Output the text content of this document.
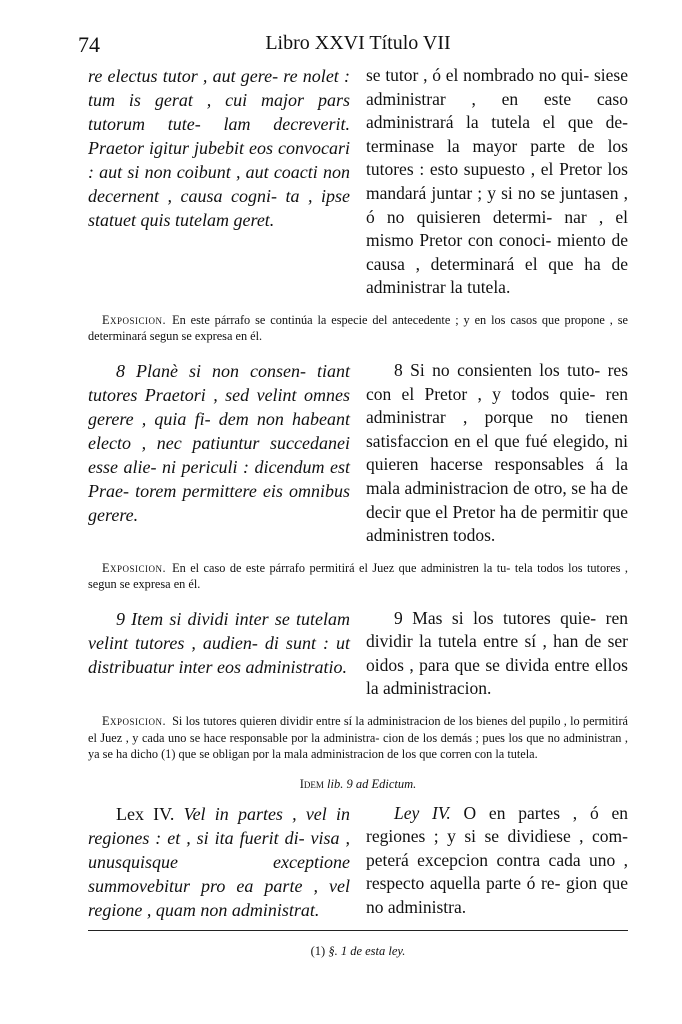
74	Libro XXVI Título VII

re electus tutor , aut gere- re nolet : tum is gerat , cui major pars tutorum tute- lam decreverit. Praetor igitur jubebit eos convocari : aut si non coibunt , aut coacti non decernent , causa cogni- ta , ipse statuet quis tutelam geret.

se tutor , ó el nombrado no qui- siese administrar , en este caso administrará la tutela el que de- terminase la mayor parte de los tutores : esto supuesto , el Pretor los mandará juntar ; y si no se juntasen , ó no quisieren determi- nar , el mismo Pretor con conoci- miento de causa , determinará el que ha de administrar la tutela.

Exposicion. En este párrafo se continúa la especie del antecedente ; y en los casos que propone , se determinará segun se expresa en él.

8 Planè si non consen- tiant tutores Praetori , sed velint omnes gerere , quia fi- dem non habeant electo , nec patiuntur succedanei esse alie- ni periculi : dicendum est Prae- torem permittere eis omnibus gerere.

8 Si no consienten los tuto- res con el Pretor , y todos quie- ren administrar , porque no tienen satisfaccion en el que fué elegido, ni quieren hacerse responsables á la mala administracion de otro, se ha de decir que el Pretor ha de permitir que administren todos.

Exposicion. En el caso de este párrafo permitirá el Juez que administren la tu- tela todos los tutores , segun se expresa en él.

9 Item si dividi inter se tutelam velint tutores , audien- di sunt : ut distribuatur inter eos administratio.

9 Mas si los tutores quie- ren dividir la tutela entre sí , han de ser oidos , para que se divida entre ellos la administracion.

Exposicion. Si los tutores quieren dividir entre sí la administracion de los bienes del pupilo , lo permitirá el Juez , y cada uno se hace responsable por la administra- cion de los demás ; pues los que no administran , ya se ha dicho (1) que se obligan por la mala administracion de los que corren con la tutela.
Idem lib. 9 ad Edictum.

Lex IV. Vel in partes , vel in regiones : et , si ita fuerit di- visa , unusquisque exceptione summovebitur pro ea parte , vel regione , quam non administrat.

Ley IV. O en partes , ó en regiones ; y si se dividiese , com- peterá excepcion contra cada uno , respecto aquella parte ó re- gion que no administra.

(1) §. 1 de esta ley.
